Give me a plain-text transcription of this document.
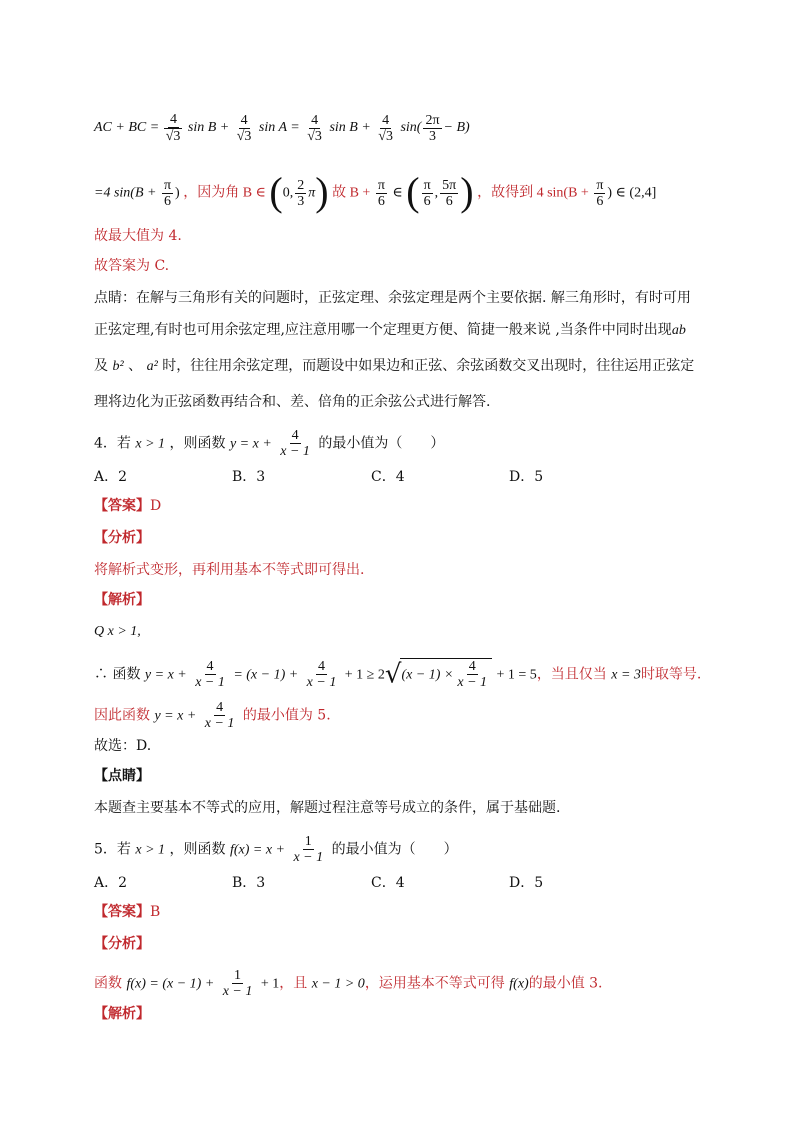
AC + BC = $\frac{4}{√3}$ $\sin B + \frac{4}{√3}$ $\sin A = \frac{4}{√3}$ $\sin B + \frac{4}{√3} \sin( \frac{2\pi}{3} - B)$
=4 $\sin(B + \frac{\pi}{6}$ ) ，因为角 B ∈ (0, $\frac{2}{3} \pi$) 故 $B + \frac{\pi}{6}$ ∈ ( $\frac{\pi}{6}$ , $\frac{5\pi}{6}$ ) ，故得到 4 $\sin(B + \frac{\pi}{6}$ ) ∈ (2,4]
故最大值为 4.
故答案为 C.
点睛：在解与三角形有关的问题时，正弦定理、余弦定理是两个主要依据. 解三角形时，有时可用
正弦定理,有时也可用余弦定理,应注意用哪一个定理更方便、简捷一般来说 ,当条件中同时出现ab
及 b² 、 a² 时，往往用余弦定理，而题设中如果边和正弦、余弦函数交叉出现时，往往运用正弦定
理将边化为正弦函数再结合和、差、倍角的正余弦公式进行解答.
4．若 x > 1 ，则函数 $y = x + \frac{4}{x - 1}$ 的最小值为（　　）
A．2	B．3	C．4	D．5
【答案】D
【分析】
将解析式变形，再利用基本不等式即可得出.
【解析】
Q x > 1,
∴ 函数 $y = x + \frac{4}{x - 1} = (x - 1) + \frac{4}{x - 1} + 1 \ge 2√(x - 1) \times \frac{4}{x - 1} + 1 = 5$，当且仅当 x = 3时取等号.
因此函数 $y = x + \frac{4}{x - 1}$ 的最小值为 5.
故选：D.
【点睛】
本题查主要基本不等式的应用，解题过程注意等号成立的条件，属于基础题.
5．若 x > 1 ，则函数 $f(x) = x + \frac{1}{x - 1}$ 的最小值为（　　）
A．2	B．3	C．4	D．5
【答案】B
【分析】
函数 $f(x) = (x - 1) + \frac{1}{x - 1} + 1$，且 x − 1 > 0，运用基本不等式可得 f(x)的最小值 3.
【解析】
